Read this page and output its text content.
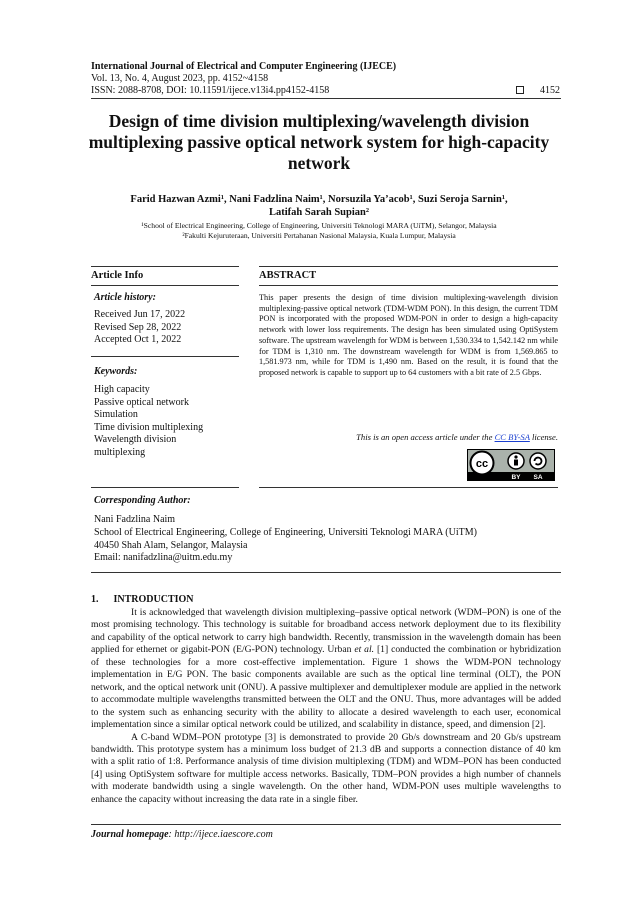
International Journal of Electrical and Computer Engineering (IJECE)
Vol. 13, No. 4, August 2023, pp. 4152~4158
ISSN: 2088-8708, DOI: 10.11591/ijece.v13i4.pp4152-4158	4152
Design of time division multiplexing/wavelength division multiplexing passive optical network system for high-capacity network
Farid Hazwan Azmi¹, Nani Fadzlina Naim¹, Norsuzila Ya’acob¹, Suzi Seroja Sarnin¹,
Latifah Sarah Supian²
¹School of Electrical Engineering, College of Engineering, Universiti Teknologi MARA (UiTM), Selangor, Malaysia
²Fakulti Kejuruteraan, Universiti Pertahanan Nasional Malaysia, Kuala Lumpur, Malaysia
Article Info
Article history:
Received Jun 17, 2022
Revised Sep 28, 2022
Accepted Oct 1, 2022
Keywords:
High capacity
Passive optical network
Simulation
Time division multiplexing
Wavelength division
multiplexing
ABSTRACT
This paper presents the design of time division multiplexing-wavelength division multiplexing-passive optical network (TDM-WDM PON). In this design, the current TDM PON is incorporated with the proposed WDM-PON in order to design a high-capacity network with lower loss requirements. The design has been simulated using OptiSystem software. The upstream wavelength for WDM is between 1,530.334 to 1,542.142 nm while for TDM is 1,310 nm. The downstream wavelength for WDM is from 1,569.865 to 1,581.973 nm, while for TDM is 1,490 nm. Based on the result, it is found that the proposed network is capable to support up to 64 customers with a bit rate of 2.5 Gbps.
This is an open access article under the CC BY-SA license.
cc
BY SA
Corresponding Author:
Nani Fadzlina Naim
School of Electrical Engineering, College of Engineering, Universiti Teknologi MARA (UiTM)
40450 Shah Alam, Selangor, Malaysia
Email: nanifadzlina@uitm.edu.my
1.      INTRODUCTION

It is acknowledged that wavelength division multiplexing–passive optical network (WDM–PON) is one of the most promising technology. This technology is suitable for broadband access network deployment due to its flexibility and capability of the optical network to carry high bandwidth. Recently, transmission in the wavelength domain has been applied for ethernet or gigabit-PON (E/G-PON) technology. Urban et al. [1] conducted the combination or hybridization of these technologies for a more cost-effective implementation. Figure 1 shows the WDM-PON technology implementation in E/G PON. The basic components available are such as the optical line terminal (OLT), the PON network, and the optical network unit (ONU). A passive multiplexer and demultiplexer module are applied in the network to accommodate multiple wavelengths transmitted between the OLT and the ONU. Thus, more advantages will be added to the system such as enhancing security with the ability to allocate a desired wavelength to each user, economical implementation since a similar optical network could be utilized, and scalability in distance, speed, and dimension [2].

A C-band WDM–PON prototype [3] is demonstrated to provide 20 Gb/s downstream and 20 Gb/s upstream bandwidth. This prototype system has a minimum loss budget of 21.3 dB and supports a connection distance of 40 km with a split ratio of 1:8. Performance analysis of time division multiplexing (TDM) and WDM–PON has been conducted [4] using OptiSystem software for multiple access networks. Basically, TDM–PON provides a high number of channels with moderate bandwidth using a single wavelength. On the other hand, WDM-PON uses multiple wavelengths to enhance the capacity without increasing the data rate in a single fiber.

Journal homepage: http://ijece.iaescore.com
